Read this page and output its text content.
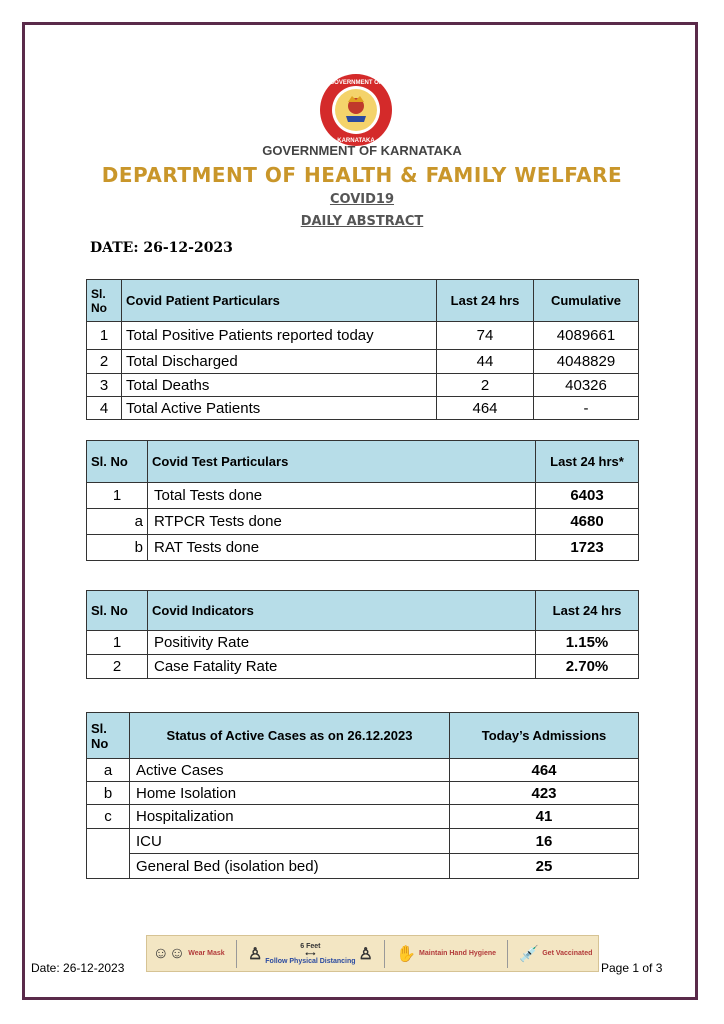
GOVERNMENT OF
KARNATAKA
GOVERNMENT OF KARNATAKA
DEPARTMENT OF HEALTH & FAMILY WELFARE
COVID19
DAILY ABSTRACT
DATE: 26-12-2023
Sl. No	Covid Patient Particulars	Last 24 hrs	Cumulative
1	Total Positive Patients reported today	74	4089661
2	Total Discharged	44	4048829
3	Total Deaths	2	40326
4	Total Active Patients	464	-
Sl. No	Covid Test Particulars	Last 24 hrs*
1	Total Tests done	6403
a	RTPCR Tests done	4680
b	RAT Tests done	1723
Sl. No	Covid Indicators	Last 24 hrs
1	Positivity Rate	1.15%
2	Case Fatality Rate	2.70%
Sl. No	Status of Active Cases as on 26.12.2023	Today’s Admissions
a	Active Cases	464
b	Home Isolation	423
c	Hospitalization	41
	ICU	16
	General Bed (isolation bed)	25
☺☺ Wear Mask ♙	6 Feet
⟷
Follow Physical Distancing ♙ ✋ Maintain Hand Hygiene 💉 Get Vaccinated
Date: 26-12-2023	Page 1 of 3
